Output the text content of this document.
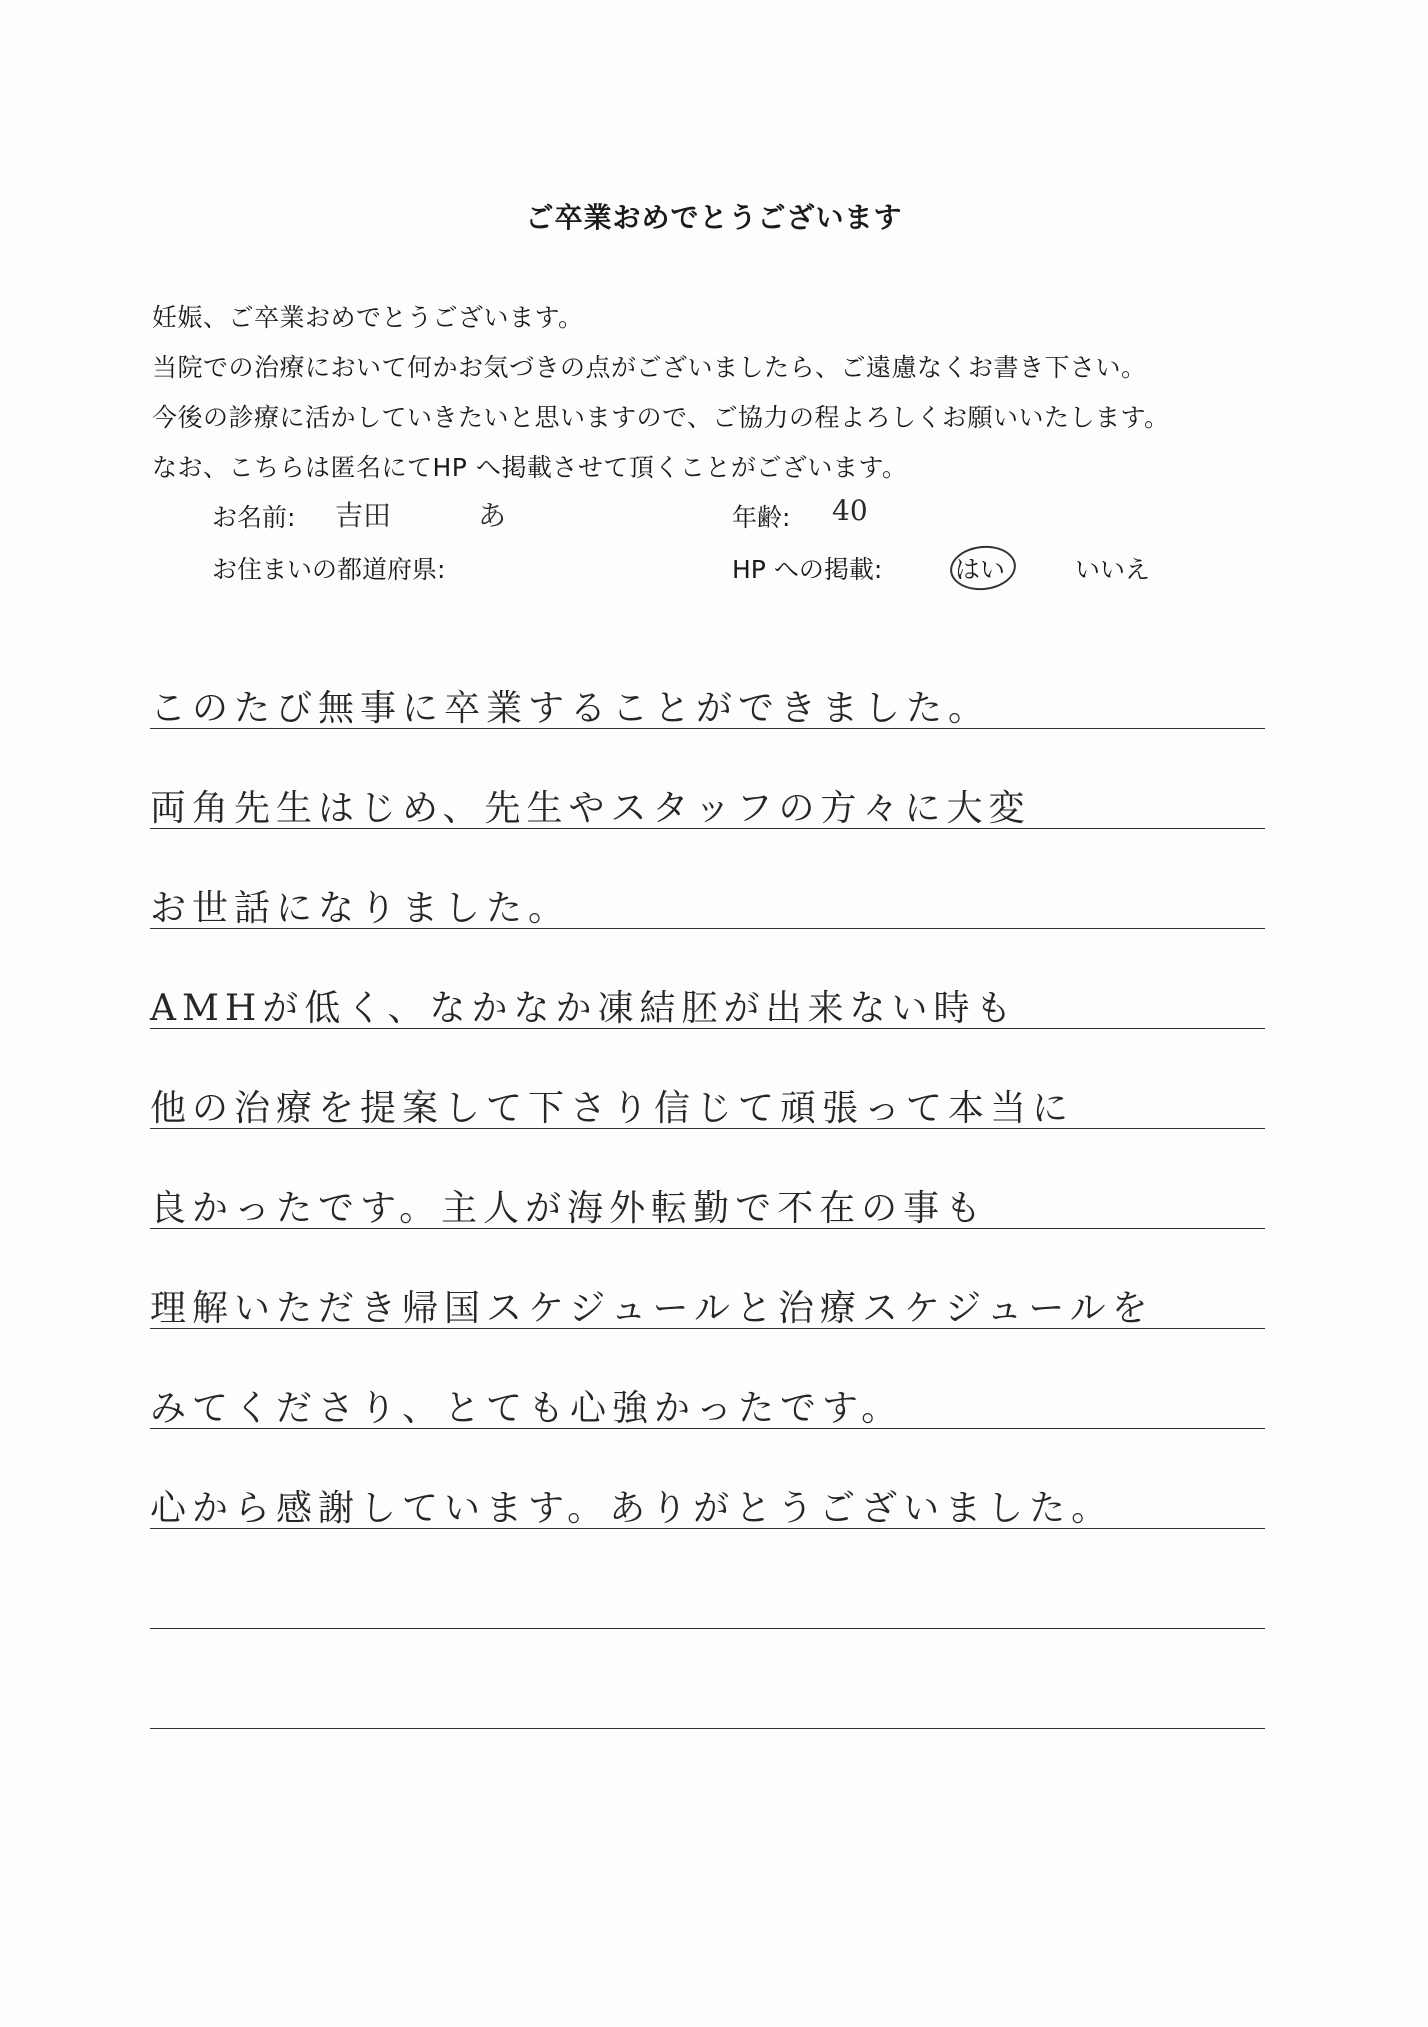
ご卒業おめでとうございます
妊娠、ご卒業おめでとうございます。
当院での治療において何かお気づきの点がございましたら、ご遠慮なくお書き下さい。
今後の診療に活かしていきたいと思いますので、ご協力の程よろしくお願いいたします。
なお、こちらは匿名にてHP へ掲載させて頂くことがございます。
お名前: 吉田	あ	年齢: 40
お住まいの都道府県:	HP への掲載:	はい	いいえ
このたび無事に卒業することができました。
両角先生はじめ、先生やスタッフの方々に大変
お世話になりました。
AMHが低く、なかなか凍結胚が出来ない時も
他の治療を提案して下さり信じて頑張って本当に
良かったです。主人が海外転勤で不在の事も
理解いただき帰国スケジュールと治療スケジュールを
みてくださり、とても心強かったです。
心から感謝しています。ありがとうございました。
